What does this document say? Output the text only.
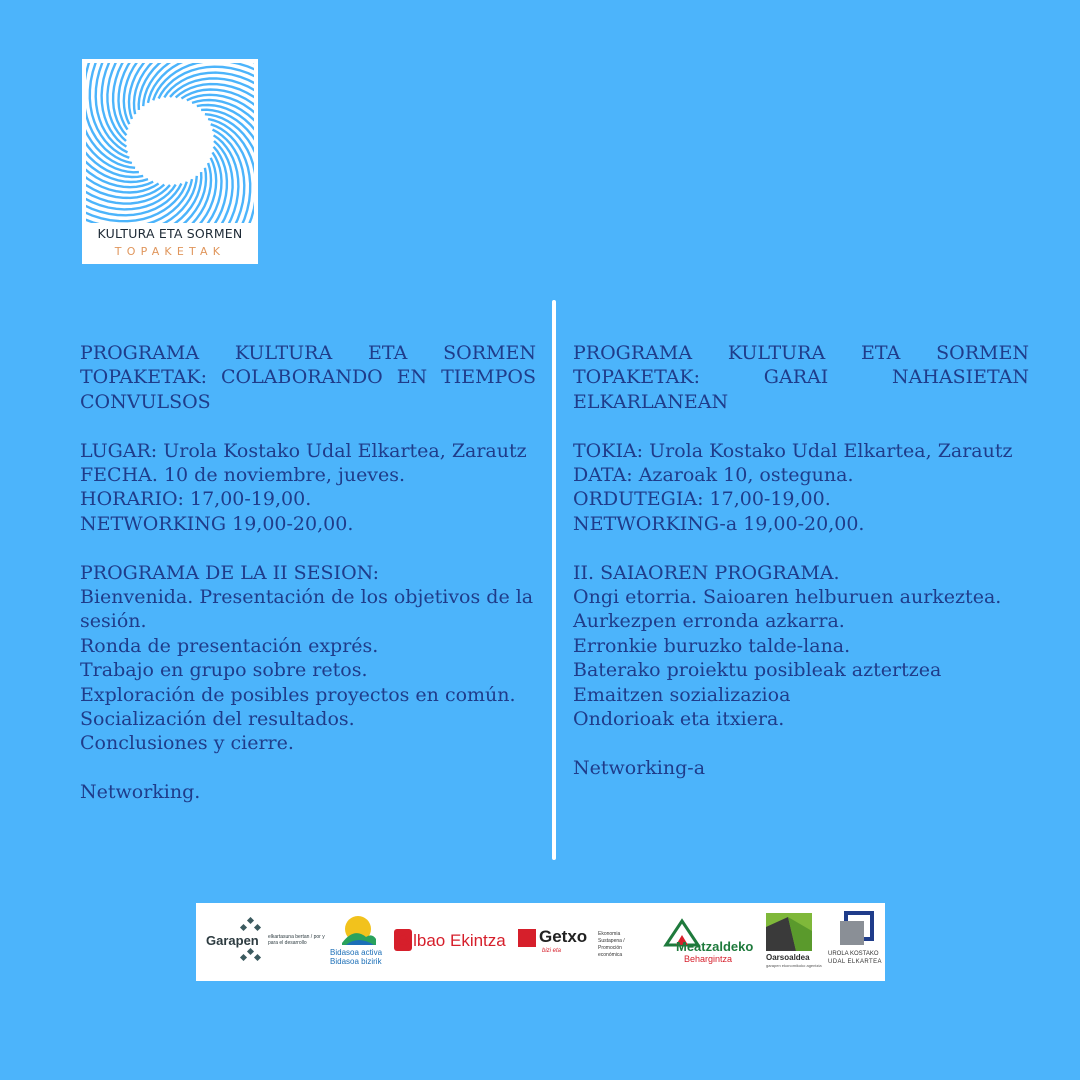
KULTURA ETA SORMEN
TOPAKETAK

PROGRAMA KULTURA ETA SORMEN TOPAKETAK: COLABORANDO EN TIEMPOS CONVULSOS

LUGAR: Urola Kostako Udal Elkartea, Zarautz
FECHA. 10 de noviembre, jueves.
HORARIO: 17,00-19,00.
NETWORKING 19,00-20,00.

PROGRAMA DE LA II SESION:
Bienvenida. Presentación de los objetivos de la sesión.
Ronda de presentación exprés.
Trabajo en grupo sobre retos.
Exploración de posibles proyectos en común.
Socialización del resultados.
Conclusiones y cierre.

Networking.

PROGRAMA KULTURA ETA SORMEN TOPAKETAK: GARAI NAHASIETAN ELKARLANEAN

TOKIA: Urola Kostako Udal Elkartea, Zarautz
DATA: Azaroak 10, osteguna.
ORDUTEGIA: 17,00-19,00.
NETWORKING-a 19,00-20,00.

II. SAIAOREN PROGRAMA.
Ongi etorria. Saioaren helburuen aurkeztea.
Aurkezpen erronda azkarra.
Erronkie buruzko talde-lana.
Baterako proiektu posibleak aztertzea
Emaitzen sozializazioa
Ondorioak eta itxiera.

Networking-a

Garapen elkartasuna bertan / por y para el desarrollo
Bidasoa activa
Bidasoa bizirik
Bilbao Ekintza Getxo
bizi eta
Ekonomia Sustapena / Promoción económica
Meatzaldeko
Behargintza	Oarsoaldea
garapen ekonomikoko agentzia
UROLA KOSTAKO
UDAL ELKARTEA
